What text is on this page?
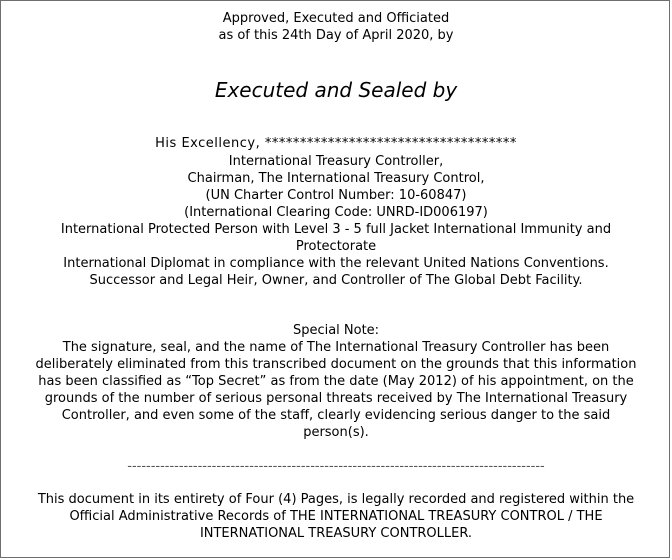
Approved, Executed and Officiated
as of this 24th Day of April 2020, by
Executed and Sealed by
His Excellency, ************************************
International Treasury Controller,
Chairman, The International Treasury Control,
(UN Charter Control Number: 10-60847)
(International Clearing Code: UNRD-ID006197)
International Protected Person with Level 3 - 5 full Jacket International Immunity and
Protectorate
International Diplomat in compliance with the relevant United Nations Conventions.
Successor and Legal Heir, Owner, and Controller of The Global Debt Facility.
Special Note:
The signature, seal, and the name of The International Treasury Controller has been
deliberately eliminated from this transcribed document on the grounds that this information
has been classified as “Top Secret” as from the date (May 2012) of his appointment, on the
grounds of the number of serious personal threats received by The International Treasury
Controller, and even some of the staff, clearly evidencing serious danger to the said
person(s).
-----------------------------------------------------------------------------------------
This document in its entirety of Four (4) Pages, is legally recorded and registered within the
Official Administrative Records of THE INTERNATIONAL TREASURY CONTROL / THE
INTERNATIONAL TREASURY CONTROLLER.
